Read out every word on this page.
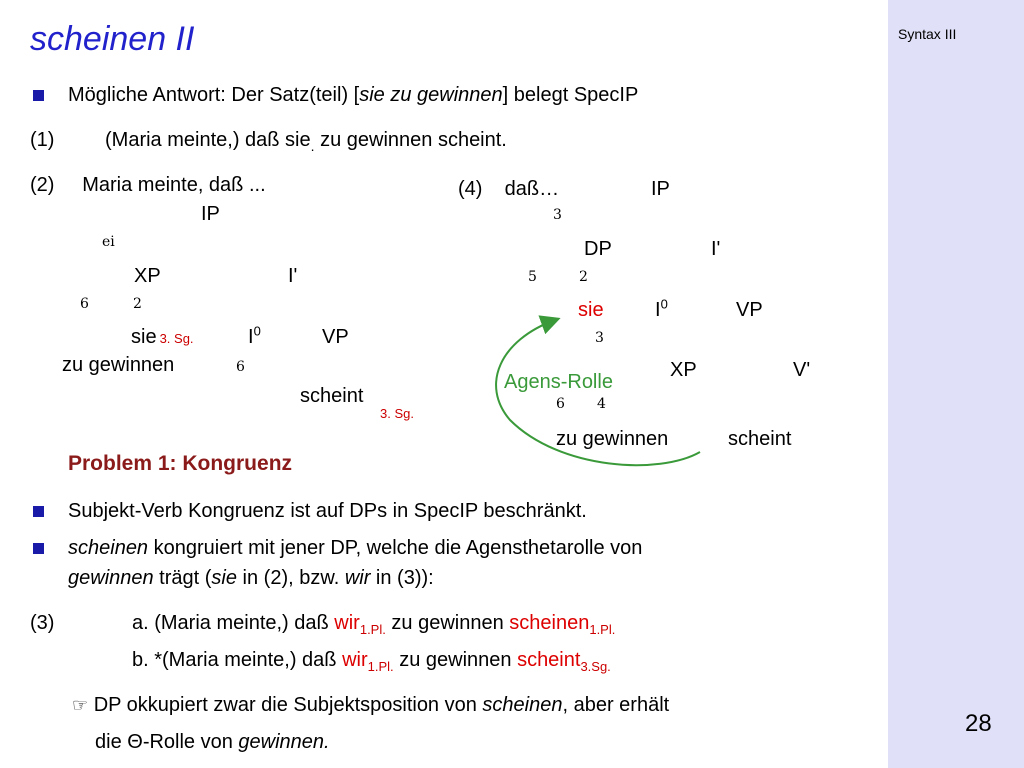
scheinen II
Mögliche Antwort: Der Satz(teil) [sie zu gewinnen] belegt SpecIP
(1)	(Maria meinte,) daß sie$_.$ zu gewinnen scheint.
(2)     Maria meinte, daß ...
IP
ei
XP	I'
6	2
sie 3. Sg.	$I^0$	VP
zu gewinnen	6
scheint
3. Sg.
(4)    daß…	IP
3
DP	I'
5	2
sie	$I^0$	VP
3
Agens-Rolle
XP	V'
6 4
zu gewinnen	scheint
Problem 1: Kongruenz
Subjekt-Verb Kongruenz ist auf DPs in SpecIP beschränkt.
scheinen kongruiert mit jener DP, welche die Agensthetarolle von
gewinnen trägt (sie in (2), bzw. wir in (3)):
(3)	a. (Maria meinte,) daß wir$_{1.Pl.}$ zu gewinnen scheinen$_{1.Pl.}$
b. *(Maria meinte,) daß wir$_{1.Pl.}$ zu gewinnen scheint$_{3.Sg.}$
☞ DP okkupiert zwar die Subjektsposition von scheinen, aber erhält
die Θ-Rolle von gewinnen.
Syntax III
28
